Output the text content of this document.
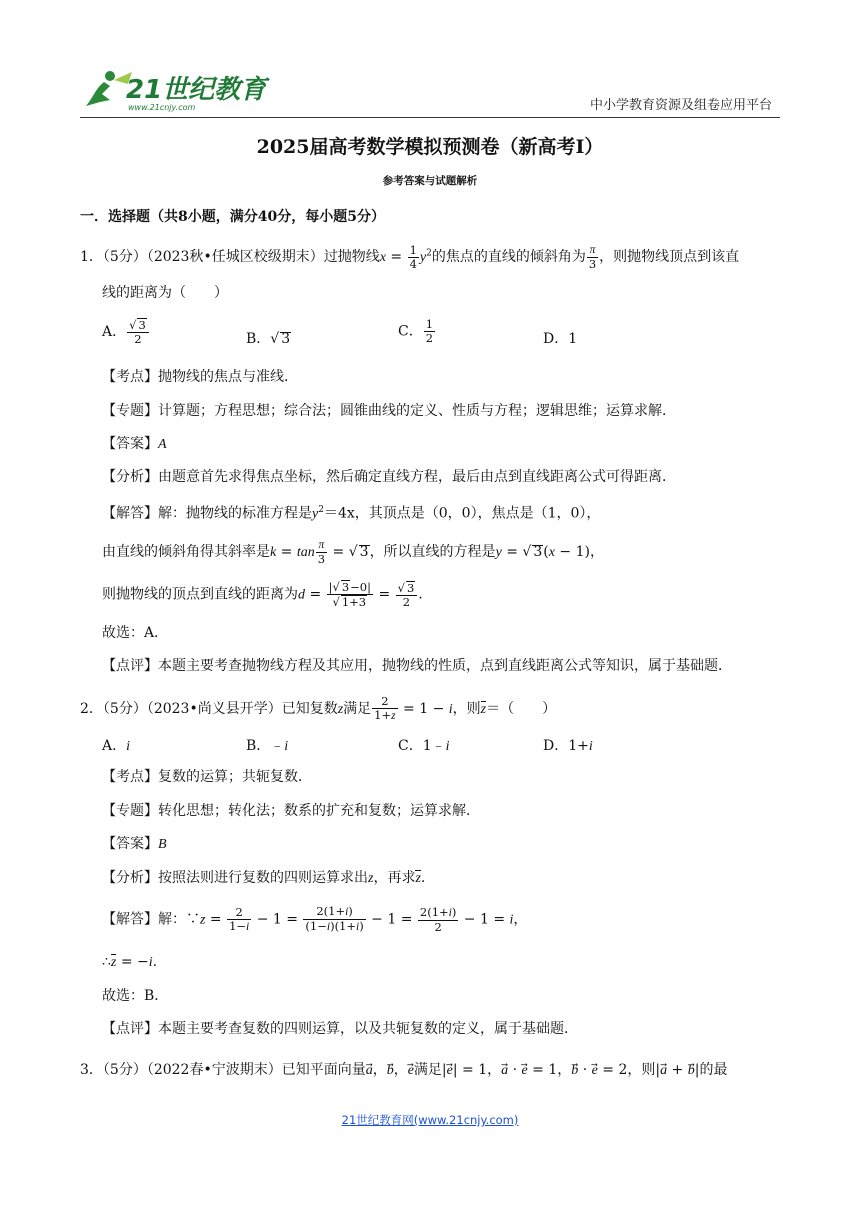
21世纪教育
www.21cnjy.com	中小学教育资源及组卷应用平台
2025届高考数学模拟预测卷（新高考Ⅰ）
参考答案与试题解析
一．选择题（共8小题，满分40分，每小题5分）
1．（5分）（2023秋•任城区校级期末）过抛物线$x = \frac{1}{4} y^2$的焦点的直线的倾斜角为 $\frac{\pi}{3}$ ，则抛物线顶点到该直
线的距离为（　　）
A． $\frac{√ 3}{2}$	B．√ 3	C． $\frac{1}{2}$	D．1
【考点】抛物线的焦点与准线．
【专题】计算题；方程思想；综合法；圆锥曲线的定义、性质与方程；逻辑思维；运算求解．
【答案】A
【分析】由题意首先求得焦点坐标，然后确定直线方程，最后由点到直线距离公式可得距离．
【解答】解：抛物线的标准方程是$y^2=4x$，其顶点是（0，0），焦点是（1，0），
由直线的倾斜角得其斜率是$k = \tan \frac{\pi}{3}$ = √ 3，所以直线的方程是y = √ 3(x − 1)，
则抛物线的顶点到直线的距离为$d = \frac{|√ 3-0|}{√ 1+3} = \frac{√ 3}{2}$ .
故选：A．
【点评】本题主要考查抛物线方程及其应用，抛物线的性质，点到直线距离公式等知识，属于基础题．
2．（5分）（2023•尚义县开学）已知复数z满足 $\frac{2}{1+z} = 1 - i$，则z＝（　　）
A．i	B．﹣i	C．1﹣i	D．1+i
【考点】复数的运算；共轭复数．
【专题】转化思想；转化法；数系的扩充和复数；运算求解．
【答案】B
【分析】按照法则进行复数的四则运算求出z，再求z.
【解答】解：∵z = $\frac{2}{1-i} - 1 = \frac{2(1+i)}{(1-i)(1+i)} - 1 = \frac{2(1+i)}{2} - 1 = i$，
∴z = −i.
故选：B．
【点评】本题主要考查复数的四则运算，以及共轭复数的定义，属于基础题．
3．（5分）（2022春•宁波期末）已知平面向量a⃗，b⃗，e满足|e⃗| = 1，a⃗ · e⃗ = 1，b⃗ · e⃗ = 2，则|a⃗ + b⃗|的最
21世纪教育网(www.21cnjy.com)
